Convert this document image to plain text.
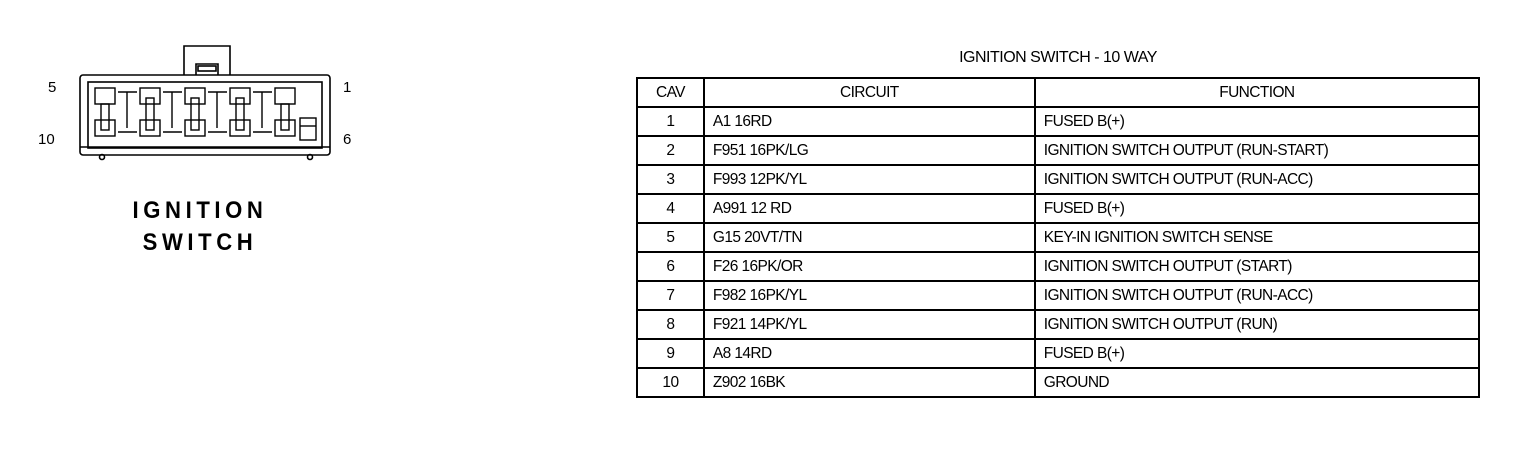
5	1
10	6
IGNITION
SWITCH
IGNITION SWITCH - 10 WAY
CAV	CIRCUIT	FUNCTION
1	A1 16RD	FUSED B(+)
2	F951 16PK/LG	IGNITION SWITCH OUTPUT (RUN-START)
3	F993 12PK/YL	IGNITION SWITCH OUTPUT (RUN-ACC)
4	A991 12 RD	FUSED B(+)
5	G15 20VT/TN	KEY-IN IGNITION SWITCH SENSE
6	F26 16PK/OR	IGNITION SWITCH OUTPUT (START)
7	F982 16PK/YL	IGNITION SWITCH OUTPUT (RUN-ACC)
8	F921 14PK/YL	IGNITION SWITCH OUTPUT (RUN)
9	A8 14RD	FUSED B(+)
10	Z902 16BK	GROUND
